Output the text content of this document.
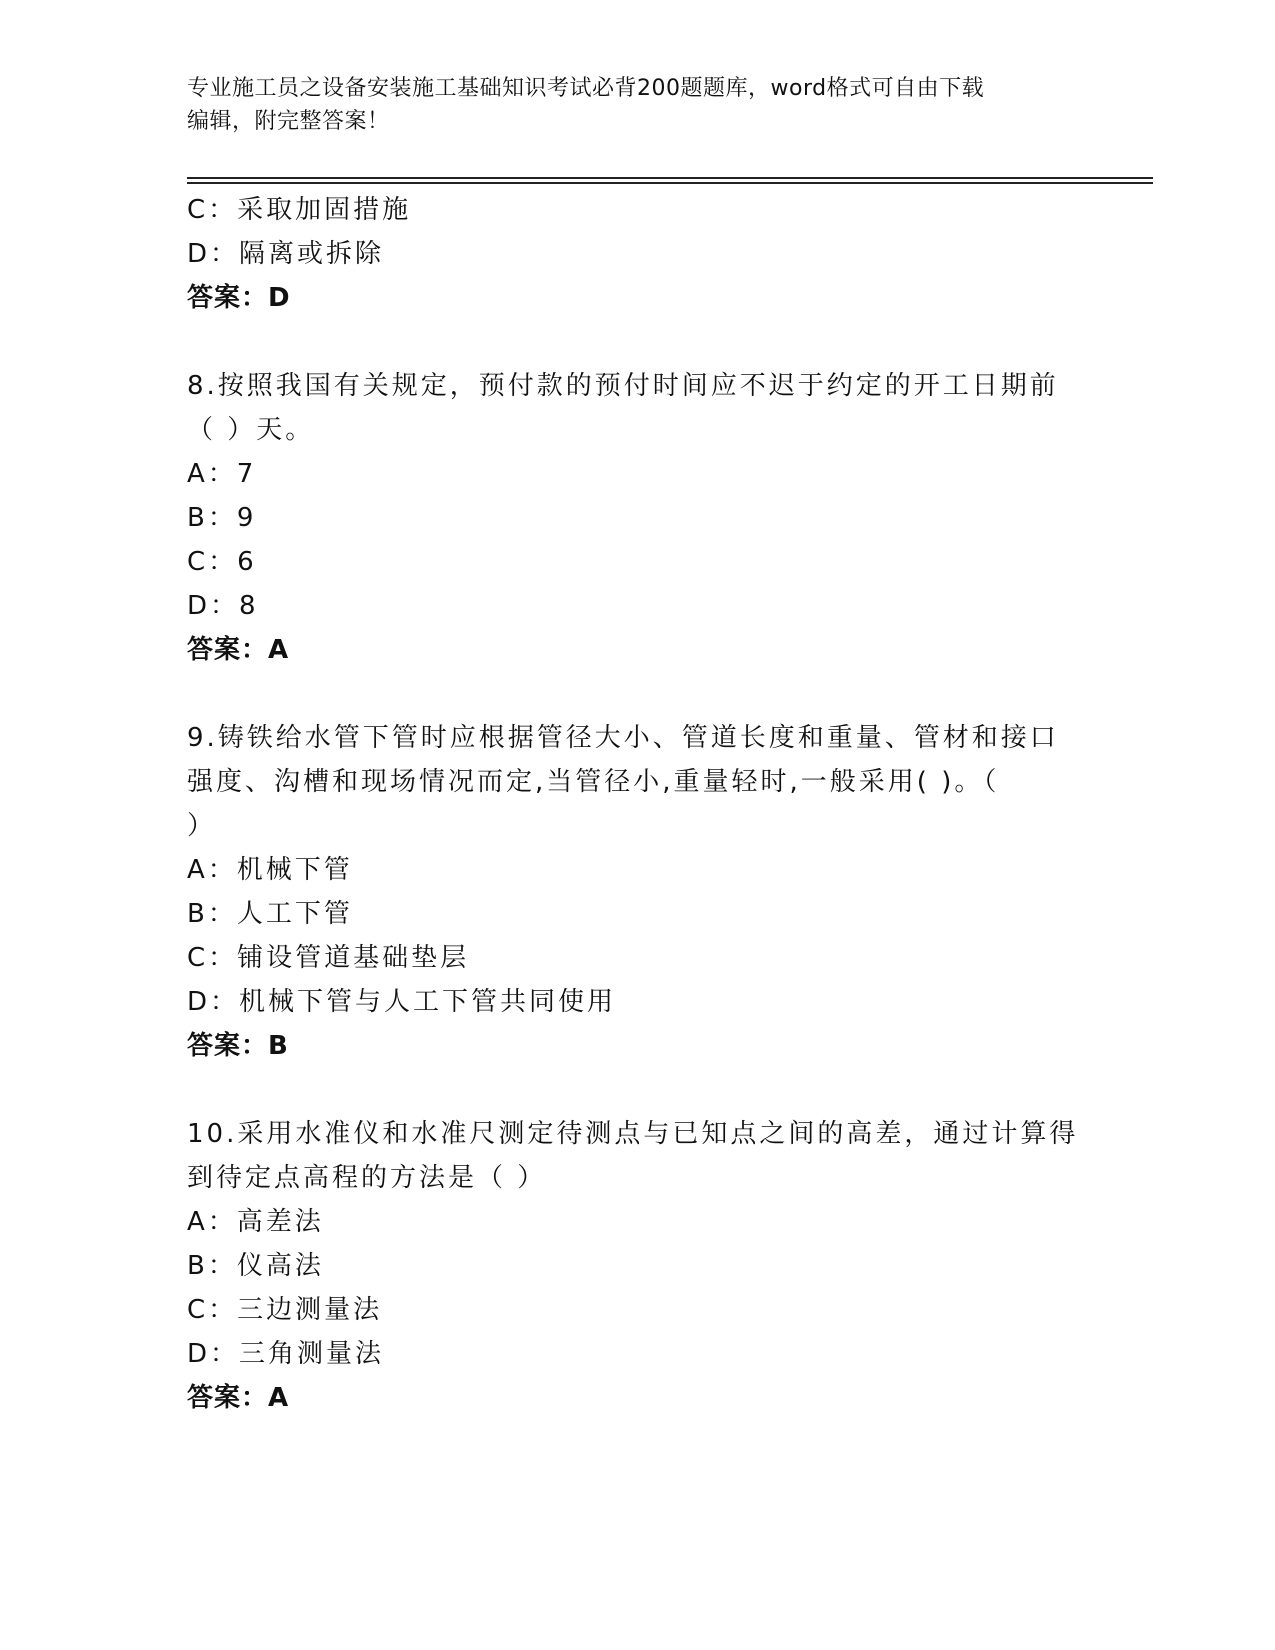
专业施工员之设备安装施工基础知识考试必背200题题库，word格式可自由下载
编辑，附完整答案！
C：采取加固措施
D：隔离或拆除
答案：D
8.按照我国有关规定，预付款的预付时间应不迟于约定的开工日期前
（ ）天。
A：7
B：9
C：6
D：8
答案：A
9.铸铁给水管下管时应根据管径大小、管道长度和重量、管材和接口
强度、沟槽和现场情况而定,当管径小,重量轻时,一般采用( )。（
）
A：机械下管
B：人工下管
C：铺设管道基础垫层
D：机械下管与人工下管共同使用
答案：B
10.采用水准仪和水准尺测定待测点与已知点之间的高差，通过计算得
到待定点高程的方法是（ ）
A：高差法
B：仪高法
C：三边测量法
D：三角测量法
答案：A
